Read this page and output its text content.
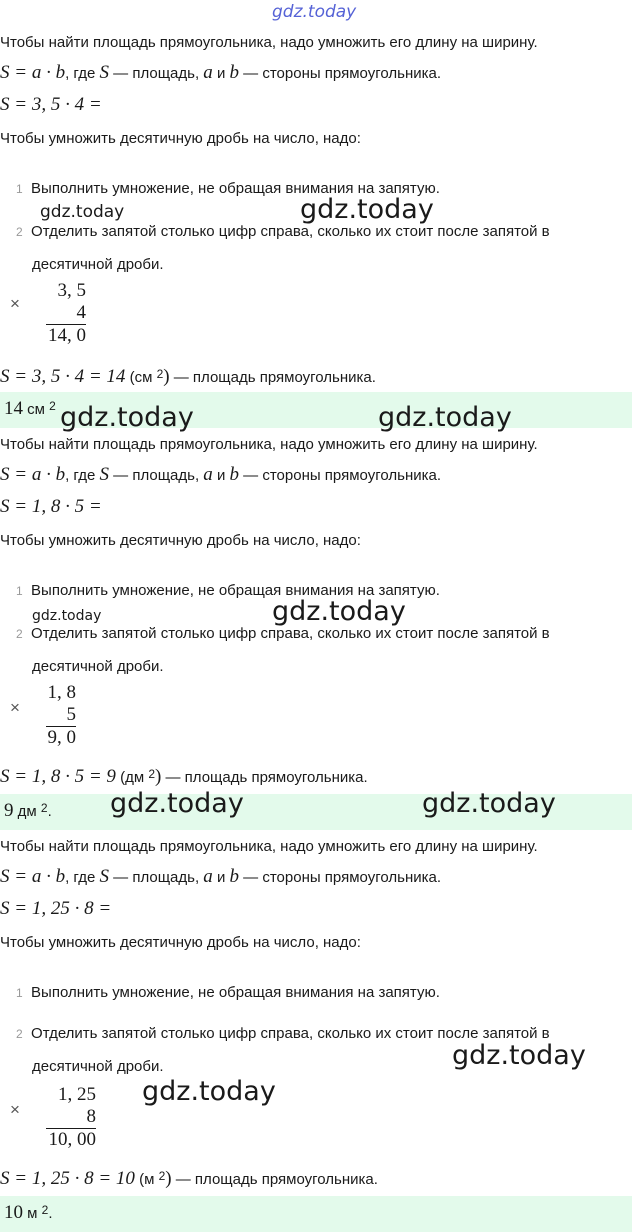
gdz.today
Чтобы найти площадь прямоугольника, надо умножить его длину на ширину.
S = a · b, где S — площадь, a и b — стороны прямоугольника.
S = 3, 5 · 4 =
Чтобы умножить десятичную дробь на число, надо:
1 Выполнить умножение, не обращая внимания на запятую.
2 Отделить запятой столько цифр справа, сколько их стоит после запятой в
десятичной дроби.
×
3, 5
4
14, 0
S = 3, 5 · 4 = 14 (см $^2$) — площадь прямоугольника.
14 см $^2$
Чтобы найти площадь прямоугольника, надо умножить его длину на ширину.
S = a · b, где S — площадь, a и b — стороны прямоугольника.
S = 1, 8 · 5 =
Чтобы умножить десятичную дробь на число, надо:
1 Выполнить умножение, не обращая внимания на запятую.
2 Отделить запятой столько цифр справа, сколько их стоит после запятой в
десятичной дроби.
×
1, 8
5
9, 0
S = 1, 8 · 5 = 9 (дм $^2$) — площадь прямоугольника.
9 дм $^2$.
Чтобы найти площадь прямоугольника, надо умножить его длину на ширину.
S = a · b, где S — площадь, a и b — стороны прямоугольника.
S = 1, 25 · 8 =
Чтобы умножить десятичную дробь на число, надо:
1 Выполнить умножение, не обращая внимания на запятую.
2 Отделить запятой столько цифр справа, сколько их стоит после запятой в
десятичной дроби.
×
1, 25
8
10, 00
S = 1, 25 · 8 = 10 (м $^2$) — площадь прямоугольника.
10 м $^2$.
gdz.today	gdz.today
gdz.today	gdz.today
gdz.today	gdz.today
gdz.today	gdz.today
gdz.today
gdz.today
